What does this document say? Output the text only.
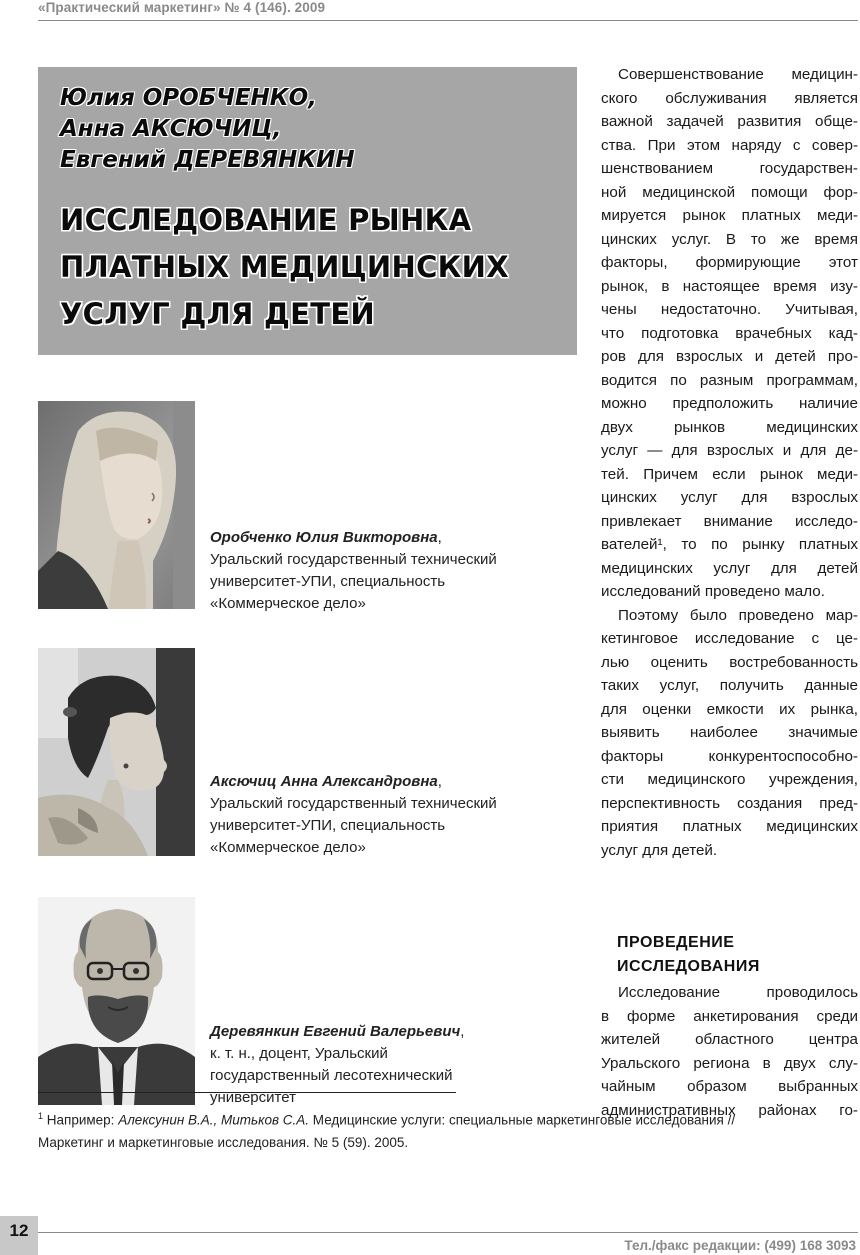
«Практический маркетинг» № 4 (146). 2009
Юлия ОРОБЧЕНКО,
Анна АКСЮЧИЦ,
Евгений ДЕРЕВЯНКИН
ИССЛЕДОВАНИЕ РЫНКА
ПЛАТНЫХ МЕДИЦИНСКИХ
УСЛУГ ДЛЯ ДЕТЕЙ
Оробченко Юлия Викторовна,
Уральский государственный технический
университет-УПИ, специальность
«Коммерческое дело»
Аксючиц Анна Александровна,
Уральский государственный технический
университет-УПИ, специальность
«Коммерческое дело»
Деревянкин Евгений Валерьевич,
к. т. н., доцент, Уральский
государственный лесотехнический
университет
Совершенствование медицин-
ского обслуживания является
важной задачей развития обще-
ства. При этом наряду с совер-
шенствованием государствен-
ной медицинской помощи фор-
мируется рынок платных меди-
цинских услуг. В то же время
факторы, формирующие этот
рынок, в настоящее время изу-
чены недостаточно. Учитывая,
что подготовка врачебных кад-
ров для взрослых и детей про-
водится по разным программам,
можно предположить наличие
двух рынков медицинских
услуг — для взрослых и для де-
тей. Причем если рынок меди-
цинских услуг для взрослых
привлекает внимание исследо-
вателей¹, то по рынку платных
медицинских услуг для детей
исследований проведено мало.
Поэтому было проведено мар-
кетинговое исследование с це-
лью оценить востребованность
таких услуг, получить данные
для оценки емкости их рынка,
выявить наиболее значимые
факторы конкурентоспособно-
сти медицинского учреждения,
перспективность создания пред-
приятия платных медицинских
услуг для детей.
ПРОВЕДЕНИЕ
ИССЛЕДОВАНИЯ
Исследование проводилось
в форме анкетирования среди
жителей областного центра
Уральского региона в двух слу-
чайным образом выбранных
административных районах го-
$^1$ Например: Алексунин В.А., Митьков С.А. Медицинские услуги: специальные маркетинговые исследования //
Маркетинг и маркетинговые исследования. № 5 (59). 2005.
12
Тел./факс редакции: (499) 168 3093
